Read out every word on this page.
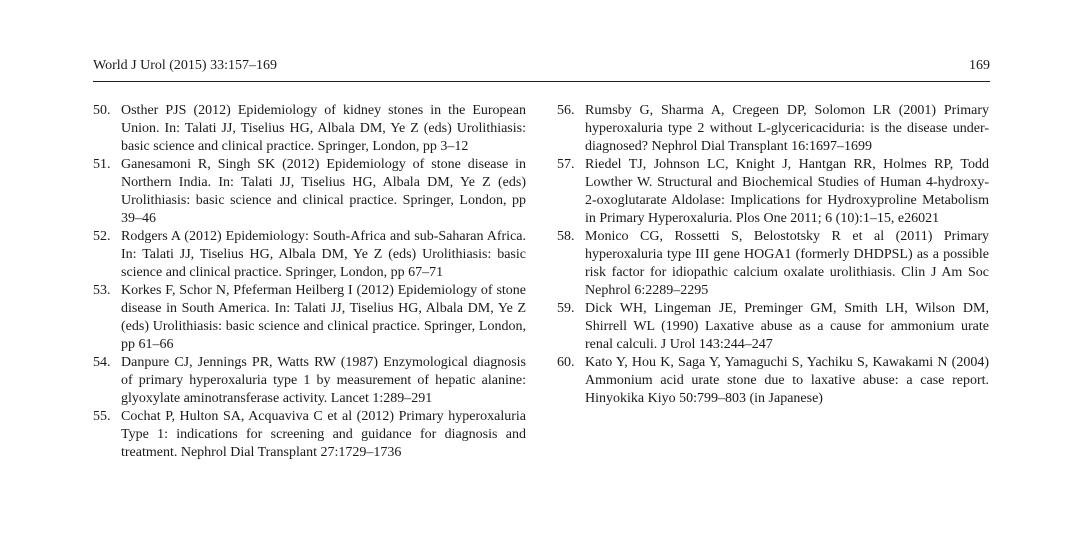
World J Urol (2015) 33:157–169	169
50. Osther PJS (2012) Epidemiology of kidney stones in the European Union. In: Talati JJ, Tiselius HG, Albala DM, Ye Z (eds) Urolithiasis: basic science and clinical practice. Springer, London, pp 3–12
51. Ganesamoni R, Singh SK (2012) Epidemiology of stone disease in Northern India. In: Talati JJ, Tiselius HG, Albala DM, Ye Z (eds) Urolithiasis: basic science and clinical practice. Springer, London, pp 39–46
52. Rodgers A (2012) Epidemiology: South-Africa and sub-Saharan Africa. In: Talati JJ, Tiselius HG, Albala DM, Ye Z (eds) Urolithiasis: basic science and clinical practice. Springer, London, pp 67–71
53. Korkes F, Schor N, Pfeferman Heilberg I (2012) Epidemiology of stone disease in South America. In: Talati JJ, Tiselius HG, Albala DM, Ye Z (eds) Urolithiasis: basic science and clinical practice. Springer, London, pp 61–66
54. Danpure CJ, Jennings PR, Watts RW (1987) Enzymological diagnosis of primary hyperoxaluria type 1 by measurement of hepatic alanine: glyoxylate aminotransferase activity. Lancet 1:289–291
55. Cochat P, Hulton SA, Acquaviva C et al (2012) Primary hyperoxaluria Type 1: indications for screening and guidance for diagnosis and treatment. Nephrol Dial Transplant 27:1729–1736
56. Rumsby G, Sharma A, Cregeen DP, Solomon LR (2001) Primary hyperoxaluria type 2 without L-glycericaciduria: is the disease under-diagnosed? Nephrol Dial Transplant 16:1697–1699
57. Riedel TJ, Johnson LC, Knight J, Hantgan RR, Holmes RP, Todd Lowther W. Structural and Biochemical Studies of Human 4-hydroxy-2-oxoglutarate Aldolase: Implications for Hydroxyproline Metabolism in Primary Hyperoxaluria. Plos One 2011; 6 (10):1–15, e26021
58. Monico CG, Rossetti S, Belostotsky R et al (2011) Primary hyperoxaluria type III gene HOGA1 (formerly DHDPSL) as a possible risk factor for idiopathic calcium oxalate urolithiasis. Clin J Am Soc Nephrol 6:2289–2295
59. Dick WH, Lingeman JE, Preminger GM, Smith LH, Wilson DM, Shirrell WL (1990) Laxative abuse as a cause for ammonium urate renal calculi. J Urol 143:244–247
60. Kato Y, Hou K, Saga Y, Yamaguchi S, Yachiku S, Kawakami N (2004) Ammonium acid urate stone due to laxative abuse: a case report. Hinyokika Kiyo 50:799–803 (in Japanese)
